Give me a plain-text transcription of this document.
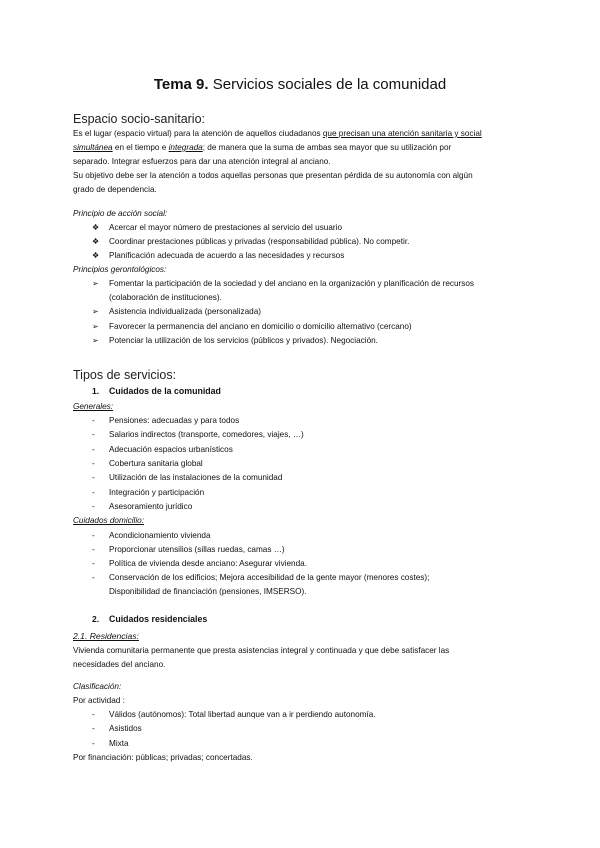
Tema 9. Servicios sociales de la comunidad
Espacio socio-sanitario:
Es el lugar (espacio virtual) para la atención de aquellos ciudadanos que precisan una atención sanitaria y social
simultánea en el tiempo e integrada; de manera que la suma de ambas sea mayor que su utilización por
separado. Integrar esfuerzos para dar una atención integral al anciano.
Su objetivo debe ser la atención a todos aquellas personas que presentan pérdida de su autonomía con algún
grado de dependencia.
Principio de acción social:
❖ Acercar el mayor número de prestaciones al servicio del usuario
❖ Coordinar prestaciones públicas y privadas (responsabilidad pública). No competir.
❖ Planificación adecuada de acuerdo a las necesidades y recursos
Principios gerontológicos:
➢ Fomentar la participación de la sociedad y del anciano en la organización y planificación de recursos
(colaboración de instituciones).
➢ Asistencia individualizada (personalizada)
➢ Favorecer la permanencia del anciano en domicilio o domicilio alternativo (cercano)
➢ Potenciar la utilización de los servicios (públicos y privados). Negociación.
Tipos de servicios:
1. Cuidados de la comunidad
Generales:
- Pensiones: adecuadas y para todos
- Salarios indirectos (transporte, comedores, viajes, …)
- Adecuación espacios urbanísticos
- Cobertura sanitaria global
- Utilización de las instalaciones de la comunidad
- Integración y participación
- Asesoramiento jurídico
Cuidados domicilio:
- Acondicionamiento vivienda
- Proporcionar utensilios (sillas ruedas, camas …)
- Política de vivienda desde anciano: Asegurar vivienda.
- Conservación de los edificios; Mejora accesibilidad de la gente mayor (menores costes);
Disponibilidad de financiación (pensiones, IMSERSO).
2. Cuidados residenciales
2.1. Residencias:
Vivienda comunitaria permanente que presta asistencias integral y continuada y que debe satisfacer las
necesidades del anciano.
Clasificación:
Por actividad :
- Válidos (autónomos): Total libertad aunque van a ir perdiendo autonomía.
- Asistidos
- Mixta
Por financiación: públicas; privadas; concertadas.
